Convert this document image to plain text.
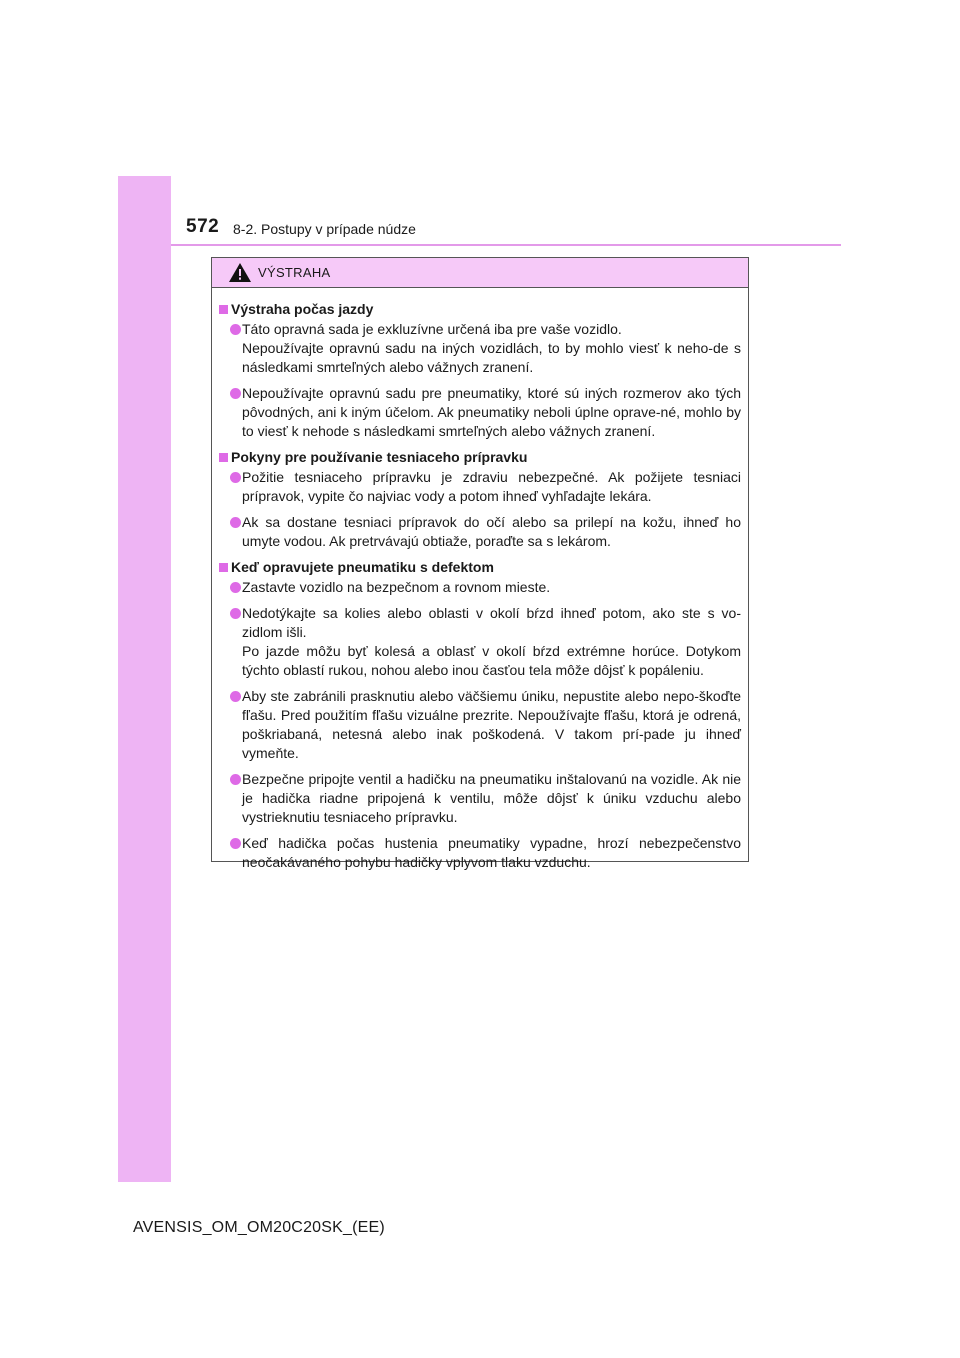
572 8-2. Postupy v prípade núdze
VÝSTRAHA
Výstraha počas jazdy

Táto opravná sada je exkluzívne určená iba pre vaše vozidlo.

Nepoužívajte opravnú sadu na iných vozidlách, to by mohlo viesť k neho-de s následkami smrteľných alebo vážnych zranení.

Nepoužívajte opravnú sadu pre pneumatiky, ktoré sú iných rozmerov ako tých pôvodných, ani k iným účelom. Ak pneumatiky neboli úplne oprave-né, mohlo by to viesť k nehode s následkami smrteľných alebo vážnych zranení.

Pokyny pre používanie tesniaceho prípravku

Požitie tesniaceho prípravku je zdraviu nebezpečné. Ak požijete tesniaci prípravok, vypite čo najviac vody a potom ihneď vyhľadajte lekára.

Ak sa dostane tesniaci prípravok do očí alebo sa prilepí na kožu, ihneď ho umyte vodou. Ak pretrvávajú obtiaže, poraďte sa s lekárom.

Keď opravujete pneumatiku s defektom

Zastavte vozidlo na bezpečnom a rovnom mieste.

Nedotýkajte sa kolies alebo oblasti v okolí bŕzd ihneď potom, ako ste s vo-zidlom išli.

Po jazde môžu byť kolesá a oblasť v okolí bŕzd extrémne horúce. Dotykom týchto oblastí rukou, nohou alebo inou časťou tela môže dôjsť k popáleniu.

Aby ste zabránili prasknutiu alebo väčšiemu úniku, nepustite alebo nepo-škoďte fľašu. Pred použitím fľašu vizuálne prezrite. Nepoužívajte fľašu, ktorá je odrená, poškriabaná, netesná alebo inak poškodená. V takom prí-pade ju ihneď vymeňte.

Bezpečne pripojte ventil a hadičku na pneumatiku inštalovanú na vozidle. Ak nie je hadička riadne pripojená k ventilu, môže dôjsť k úniku vzduchu alebo vystrieknutiu tesniaceho prípravku.

Keď hadička počas hustenia pneumatiky vypadne, hrozí nebezpečenstvo neočakávaného pohybu hadičky vplyvom tlaku vzduchu.

AVENSIS_OM_OM20C20SK_(EE)
